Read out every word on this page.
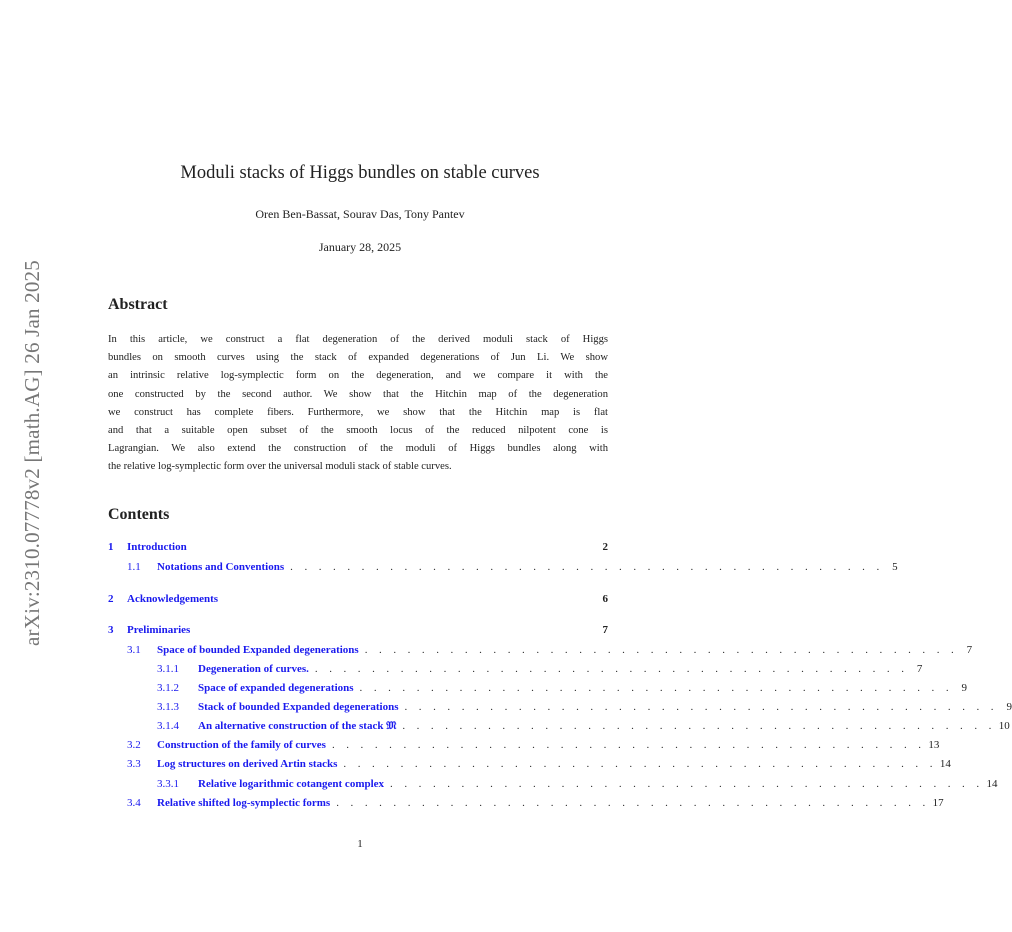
arXiv:2310.07778v2 [math.AG] 26 Jan 2025
Moduli stacks of Higgs bundles on stable curves
Oren Ben-Bassat, Sourav Das, Tony Pantev
January 28, 2025
Abstract
In this article, we construct a flat degeneration of the derived moduli stack of Higgs
bundles on smooth curves using the stack of expanded degenerations of Jun Li. We show
an intrinsic relative log-symplectic form on the degeneration, and we compare it with the
one constructed by the second author. We show that the Hitchin map of the degeneration
we construct has complete fibers. Furthermore, we show that the Hitchin map is flat
and that a suitable open subset of the smooth locus of the reduced nilpotent cone is
Lagrangian. We also extend the construction of the moduli of Higgs bundles along with
the relative log-symplectic form over the universal moduli stack of stable curves.
Contents
1	Introduction	2
1.1	Notations and Conventions . . . . . . . . . . . . . . . . . . . . . . . . . . . . . . . . . . . . . . . . . . 5
2	Acknowledgements	6
3	Preliminaries	7
3.1	Space of bounded Expanded degenerations . . . . . . . . . . . . . . . . . . . . . . . . . . . . . . . . . . . . . . . . . . 7
3.1.1	Degeneration of curves. . . . . . . . . . . . . . . . . . . . . . . . . . . . . . . . . . . . . . . . . . . 7
3.1.2	Space of expanded degenerations . . . . . . . . . . . . . . . . . . . . . . . . . . . . . . . . . . . . . . . . . . 9
3.1.3	Stack of bounded Expanded degenerations . . . . . . . . . . . . . . . . . . . . . . . . . . . . . . . . . . . . . . . . . . 9
3.1.4	An alternative construction of the stack 𝔐 . . . . . . . . . . . . . . . . . . . . . . . . . . . . . . . . . . . . . . . . . . 10
3.2	Construction of the family of curves . . . . . . . . . . . . . . . . . . . . . . . . . . . . . . . . . . . . . . . . . . 13
3.3	Log structures on derived Artin stacks . . . . . . . . . . . . . . . . . . . . . . . . . . . . . . . . . . . . . . . . . . 14
3.3.1	Relative logarithmic cotangent complex . . . . . . . . . . . . . . . . . . . . . . . . . . . . . . . . . . . . . . . . . . 14
3.4	Relative shifted log-symplectic forms . . . . . . . . . . . . . . . . . . . . . . . . . . . . . . . . . . . . . . . . . . 17
1
